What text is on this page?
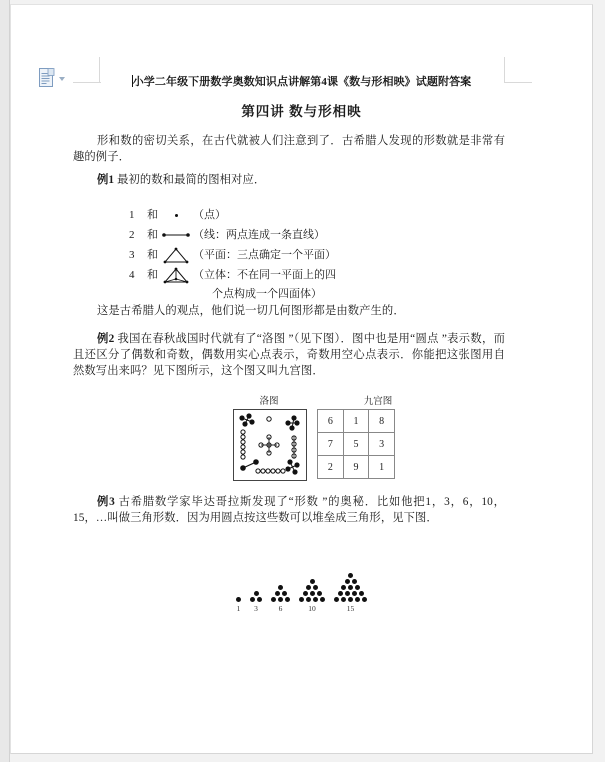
小学二年级下册数学奥数知识点讲解第4课《数与形相映》试题附答案
第四讲 数与形相映
形和数的密切关系，在古代就被人们注意到了．古希腊人发现的形数就是非常有趣的例子．
例1 最初的数和最简的图相对应．
1	和	（点）
2	和	（线：两点连成一条直线）
3	和	（平面：三点确定一个平面）
4	和	（立体：不在同一平面上的四
个点构成一个四面体）
这是古希腊人的观点，他们说一切几何图形都是由数产生的．
例2 我国在春秋战国时代就有了“洛图 ”（见下图）．图中也是用“圆点 ”表示数，而且还区分了偶数和奇数，偶数用实心点表示，奇数用空心点表示．你能把这张图用自然数写出来吗？见下图所示，这个图又叫九宫图．
洛图	九宫图
6	1	8
7	5	3
2	9	1
例3 古希腊数学家毕达哥拉斯发现了“形数 ”的奥秘．比如他把1，3，6，10，15，…叫做三角形数．因为用圆点按这些数可以堆垒成三角形，见下图．
1 3	6	10	15
